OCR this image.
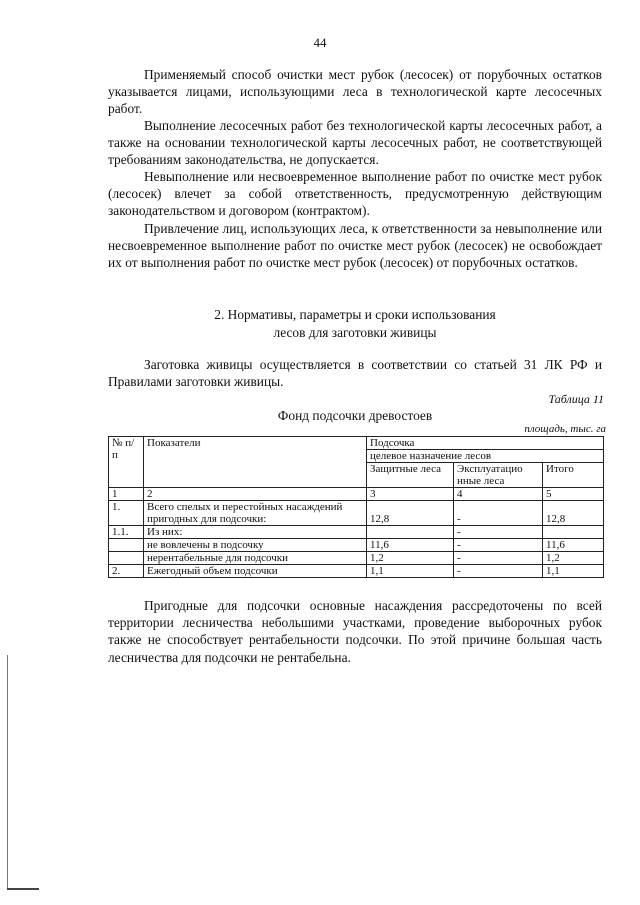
44

Применяемый способ очистки мест рубок (лесосек) от порубочных остатков указывается лицами, использующими леса в технологической карте лесосечных работ.

Выполнение лесосечных работ без технологической карты лесосечных работ, а также на основании технологической карты лесосечных работ, не соответствующей требованиям законодательства, не допускается.

Невыполнение или несвоевременное выполнение работ по очистке мест рубок (лесосек) влечет за собой ответственность, предусмотренную действующим законодательством и договором (контрактом).

Привлечение лиц, использующих леса, к ответственности за невыполнение или несвоевременное выполнение работ по очистке мест рубок (лесосек) не освобождает их от выполнения работ по очистке мест рубок (лесосек) от порубочных остатков.

2. Нормативы, параметры и сроки использования
лесов для заготовки живицы

Заготовка живицы осуществляется в соответствии со статьей 31 ЛК РФ и Правилами заготовки живицы.

Таблица 11
Фонд подсочки древостоев
площадь, тыс. га
№ п/п	Показатели	Подсочка		
		целевое назначение лесов		
		Защитные леса	Эксплуатацио нные леса	Итого
1	2	3	4	5
1.	Всего спелых и перестойных насаждений пригодных для подсочки:	12,8	-	12,8
1.1.	Из них:		-	
	не вовлечены в подсочку	11,6	-	11,6
	нерентабельные для подсочки	1,2	-	1,2
2.	Ежегодный объем подсочки	1,1	-	1,1

Пригодные для подсочки основные насаждения рассредоточены по всей территории лесничества небольшими участками, проведение выборочных рубок также не способствует рентабельности подсочки. По этой причине большая часть лесничества для подсочки не рентабельна.
